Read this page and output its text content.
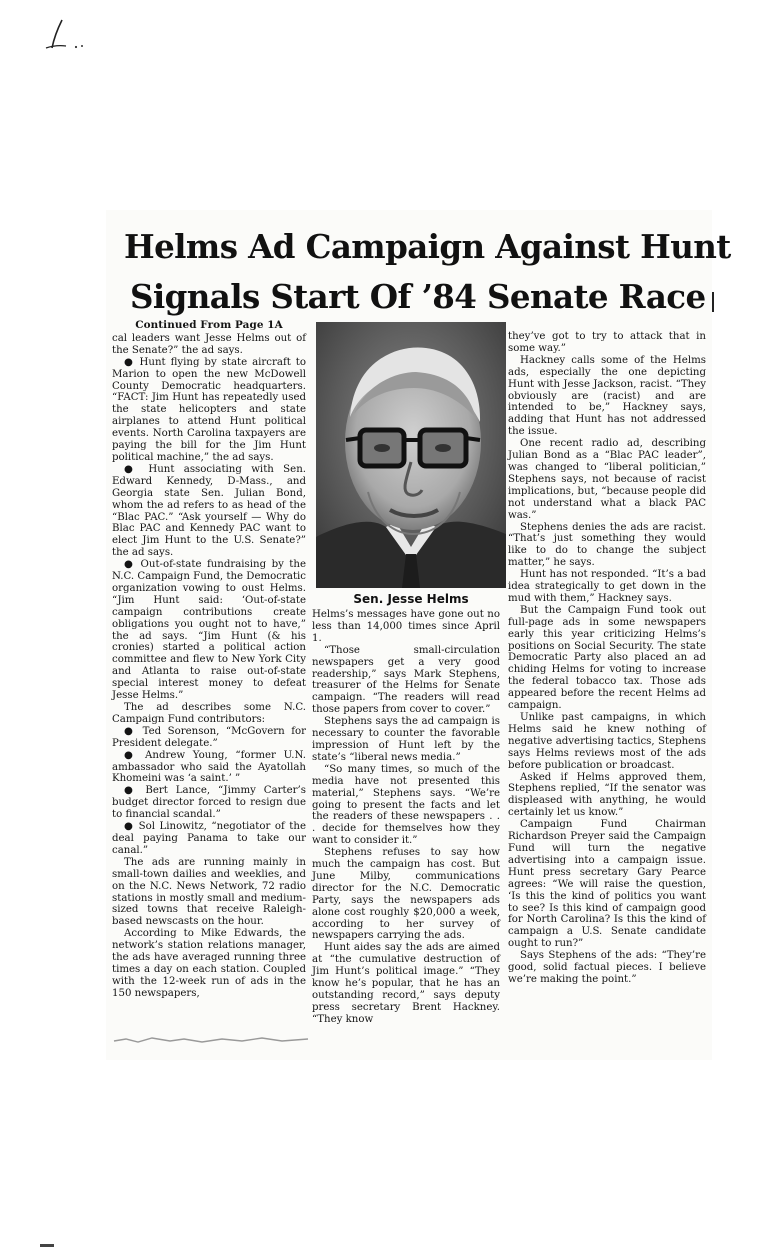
Helms Ad Campaign Against Hunt
Signals Start Of ’84 Senate Race
Continued From Page 1A

cal leaders want Jesse Helms out of the Senate?” the ad says.

● Hunt flying by state aircraft to Marion to open the new McDowell County Democratic headquarters. “FACT: Jim Hunt has repeatedly used the state helicopters and state airplanes to attend Hunt political events. North Carolina taxpayers are paying the bill for the Jim Hunt political machine,” the ad says.

● Hunt associating with Sen. Edward Kennedy, D-Mass., and Georgia state Sen. Julian Bond, whom the ad refers to as head of the “Blac PAC.” “Ask yourself — Why do Blac PAC and Kennedy PAC want to elect Jim Hunt to the U.S. Senate?” the ad says.

● Out-of-state fundraising by the N.C. Campaign Fund, the Democratic organization vowing to oust Helms. “Jim Hunt said: ‘Out-of-state campaign contributions create obligations you ought not to have,” the ad says. “Jim Hunt (& his cronies) started a political action committee and flew to New York City and Atlanta to raise out-of-state special interest money to defeat Jesse Helms.”

The ad describes some N.C. Campaign Fund contributors:

● Ted Sorenson, “McGovern for President delegate.”

● Andrew Young, “former U.N. ambassador who said the Ayatollah Khomeini was ‘a saint.’ ”

● Bert Lance, “Jimmy Carter’s budget director forced to resign due to financial scandal.”

● Sol Linowitz, “negotiator of the deal paying Panama to take our canal.”

The ads are running mainly in small-town dailies and weeklies, and on the N.C. News Network, 72 radio stations in mostly small and medium-sized towns that receive Raleigh-based newscasts on the hour.

According to Mike Edwards, the network’s station relations manager, the ads have averaged running three times a day on each station. Coupled with the 12-week run of ads in the 150 newspapers,

Sen. Jesse Helms

Helms’s messages have gone out no less than 14,000 times since April 1.

“Those small-circulation newspapers get a very good readership,” says Mark Stephens, treasurer of the Helms for Senate campaign. “The readers will read those papers from cover to cover.”

Stephens says the ad campaign is necessary to counter the favorable impression of Hunt left by the state’s “liberal news media.”

“So many times, so much of the media have not presented this material,” Stephens says. “We’re going to present the facts and let the readers of these newspapers . . . decide for themselves how they want to consider it.”

Stephens refuses to say how much the campaign has cost. But June Milby, communications director for the N.C. Democratic Party, says the newspapers ads alone cost roughly $20,000 a week, according to her survey of newspapers carrying the ads.

Hunt aides say the ads are aimed at “the cumulative destruction of Jim Hunt’s political image.” “They know he’s popular, that he has an outstanding record,” says deputy press secretary Brent Hackney. “They know

they’ve got to try to attack that in some way.”

Hackney calls some of the Helms ads, especially the one depicting Hunt with Jesse Jackson, racist. “They obviously are (racist) and are intended to be,” Hackney says, adding that Hunt has not addressed the issue.

One recent radio ad, describing Julian Bond as a “Blac PAC leader”, was changed to “liberal politician,” Stephens says, not because of racist implications, but, “because people did not understand what a black PAC was.”

Stephens denies the ads are racist. “That’s just something they would like to do to change the subject matter,” he says.

Hunt has not responded. “It’s a bad idea strategically to get down in the mud with them,” Hackney says.

But the Campaign Fund took out full-page ads in some newspapers early this year criticizing Helms’s positions on Social Security. The state Democratic Party also placed an ad chiding Helms for voting to increase the federal tobacco tax. Those ads appeared before the recent Helms ad campaign.

Unlike past campaigns, in which Helms said he knew nothing of negative advertising tactics, Stephens says Helms reviews most of the ads before publication or broadcast.

Asked if Helms approved them, Stephens replied, “If the senator was displeased with anything, he would certainly let us know.”

Campaign Fund Chairman Richardson Preyer said the Campaign Fund will turn the negative advertising into a campaign issue. Hunt press secretary Gary Pearce agrees: “We will raise the question, ‘Is this the kind of politics you want to see? Is this kind of campaign good for North Carolina? Is this the kind of campaign a U.S. Senate candidate ought to run?”

Says Stephens of the ads: “They’re good, solid factual pieces. I believe we’re making the point.”
